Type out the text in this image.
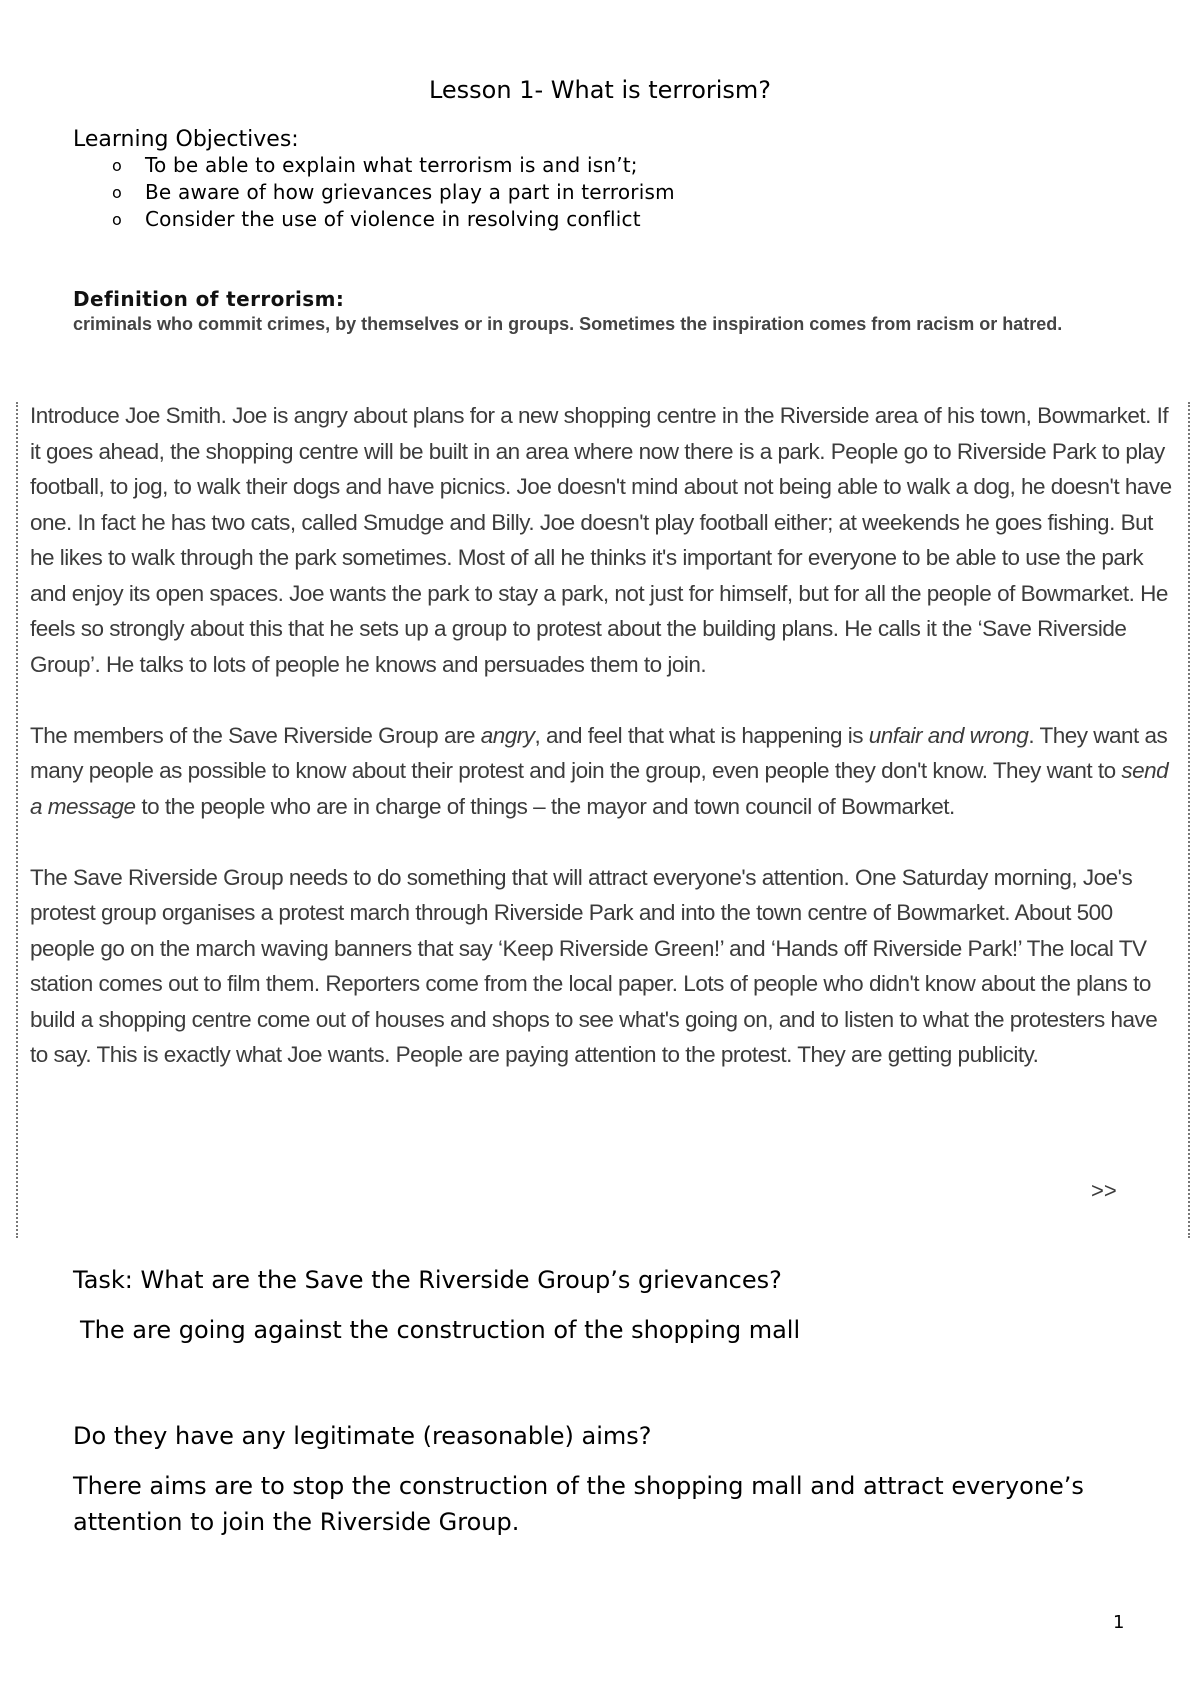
Lesson 1- What is terrorism?
Learning Objectives:
o To be able to explain what terrorism is and isn’t;
o Be aware of how grievances play a part in terrorism
o Consider the use of violence in resolving conflict
Definition of terrorism:
criminals who commit crimes, by themselves or in groups. Sometimes the inspiration comes from racism or hatred.

Introduce Joe Smith. Joe is angry about plans for a new shopping centre in the Riverside area of his town, Bowmarket. If it goes ahead, the shopping centre will be built in an area where now there is a park. People go to Riverside Park to play football, to jog, to walk their dogs and have picnics. Joe doesn't mind about not being able to walk a dog, he doesn't have one. In fact he has two cats, called Smudge and Billy. Joe doesn't play football either; at weekends he goes fishing. But he likes to walk through the park sometimes. Most of all he thinks it's important for everyone to be able to use the park and enjoy its open spaces. Joe wants the park to stay a park, not just for himself, but for all the people of Bowmarket. He feels so strongly about this that he sets up a group to protest about the building plans. He calls it the ‘Save Riverside Group’. He talks to lots of people he knows and persuades them to join.

The members of the Save Riverside Group are angry, and feel that what is happening is unfair and wrong. They want as many people as possible to know about their protest and join the group, even people they don't know. They want to send a message to the people who are in charge of things – the mayor and town council of Bowmarket.

The Save Riverside Group needs to do something that will attract everyone's attention. One Saturday morning, Joe's protest group organises a protest march through Riverside Park and into the town centre of Bowmarket. About 500 people go on the march waving banners that say ‘Keep Riverside Green!’ and ‘Hands off Riverside Park!’ The local TV station comes out to film them. Reporters come from the local paper. Lots of people who didn't know about the plans to build a shopping centre come out of houses and shops to see what's going on, and to listen to what the protesters have to say. This is exactly what Joe wants. People are paying attention to the protest. They are getting publicity.

>>
Task: What are the Save the Riverside Group’s grievances?
The are going against the construction of the shopping mall
Do they have any legitimate (reasonable) aims?
There aims are to stop the construction of the shopping mall and attract everyone’s attention to join the Riverside Group.
1
